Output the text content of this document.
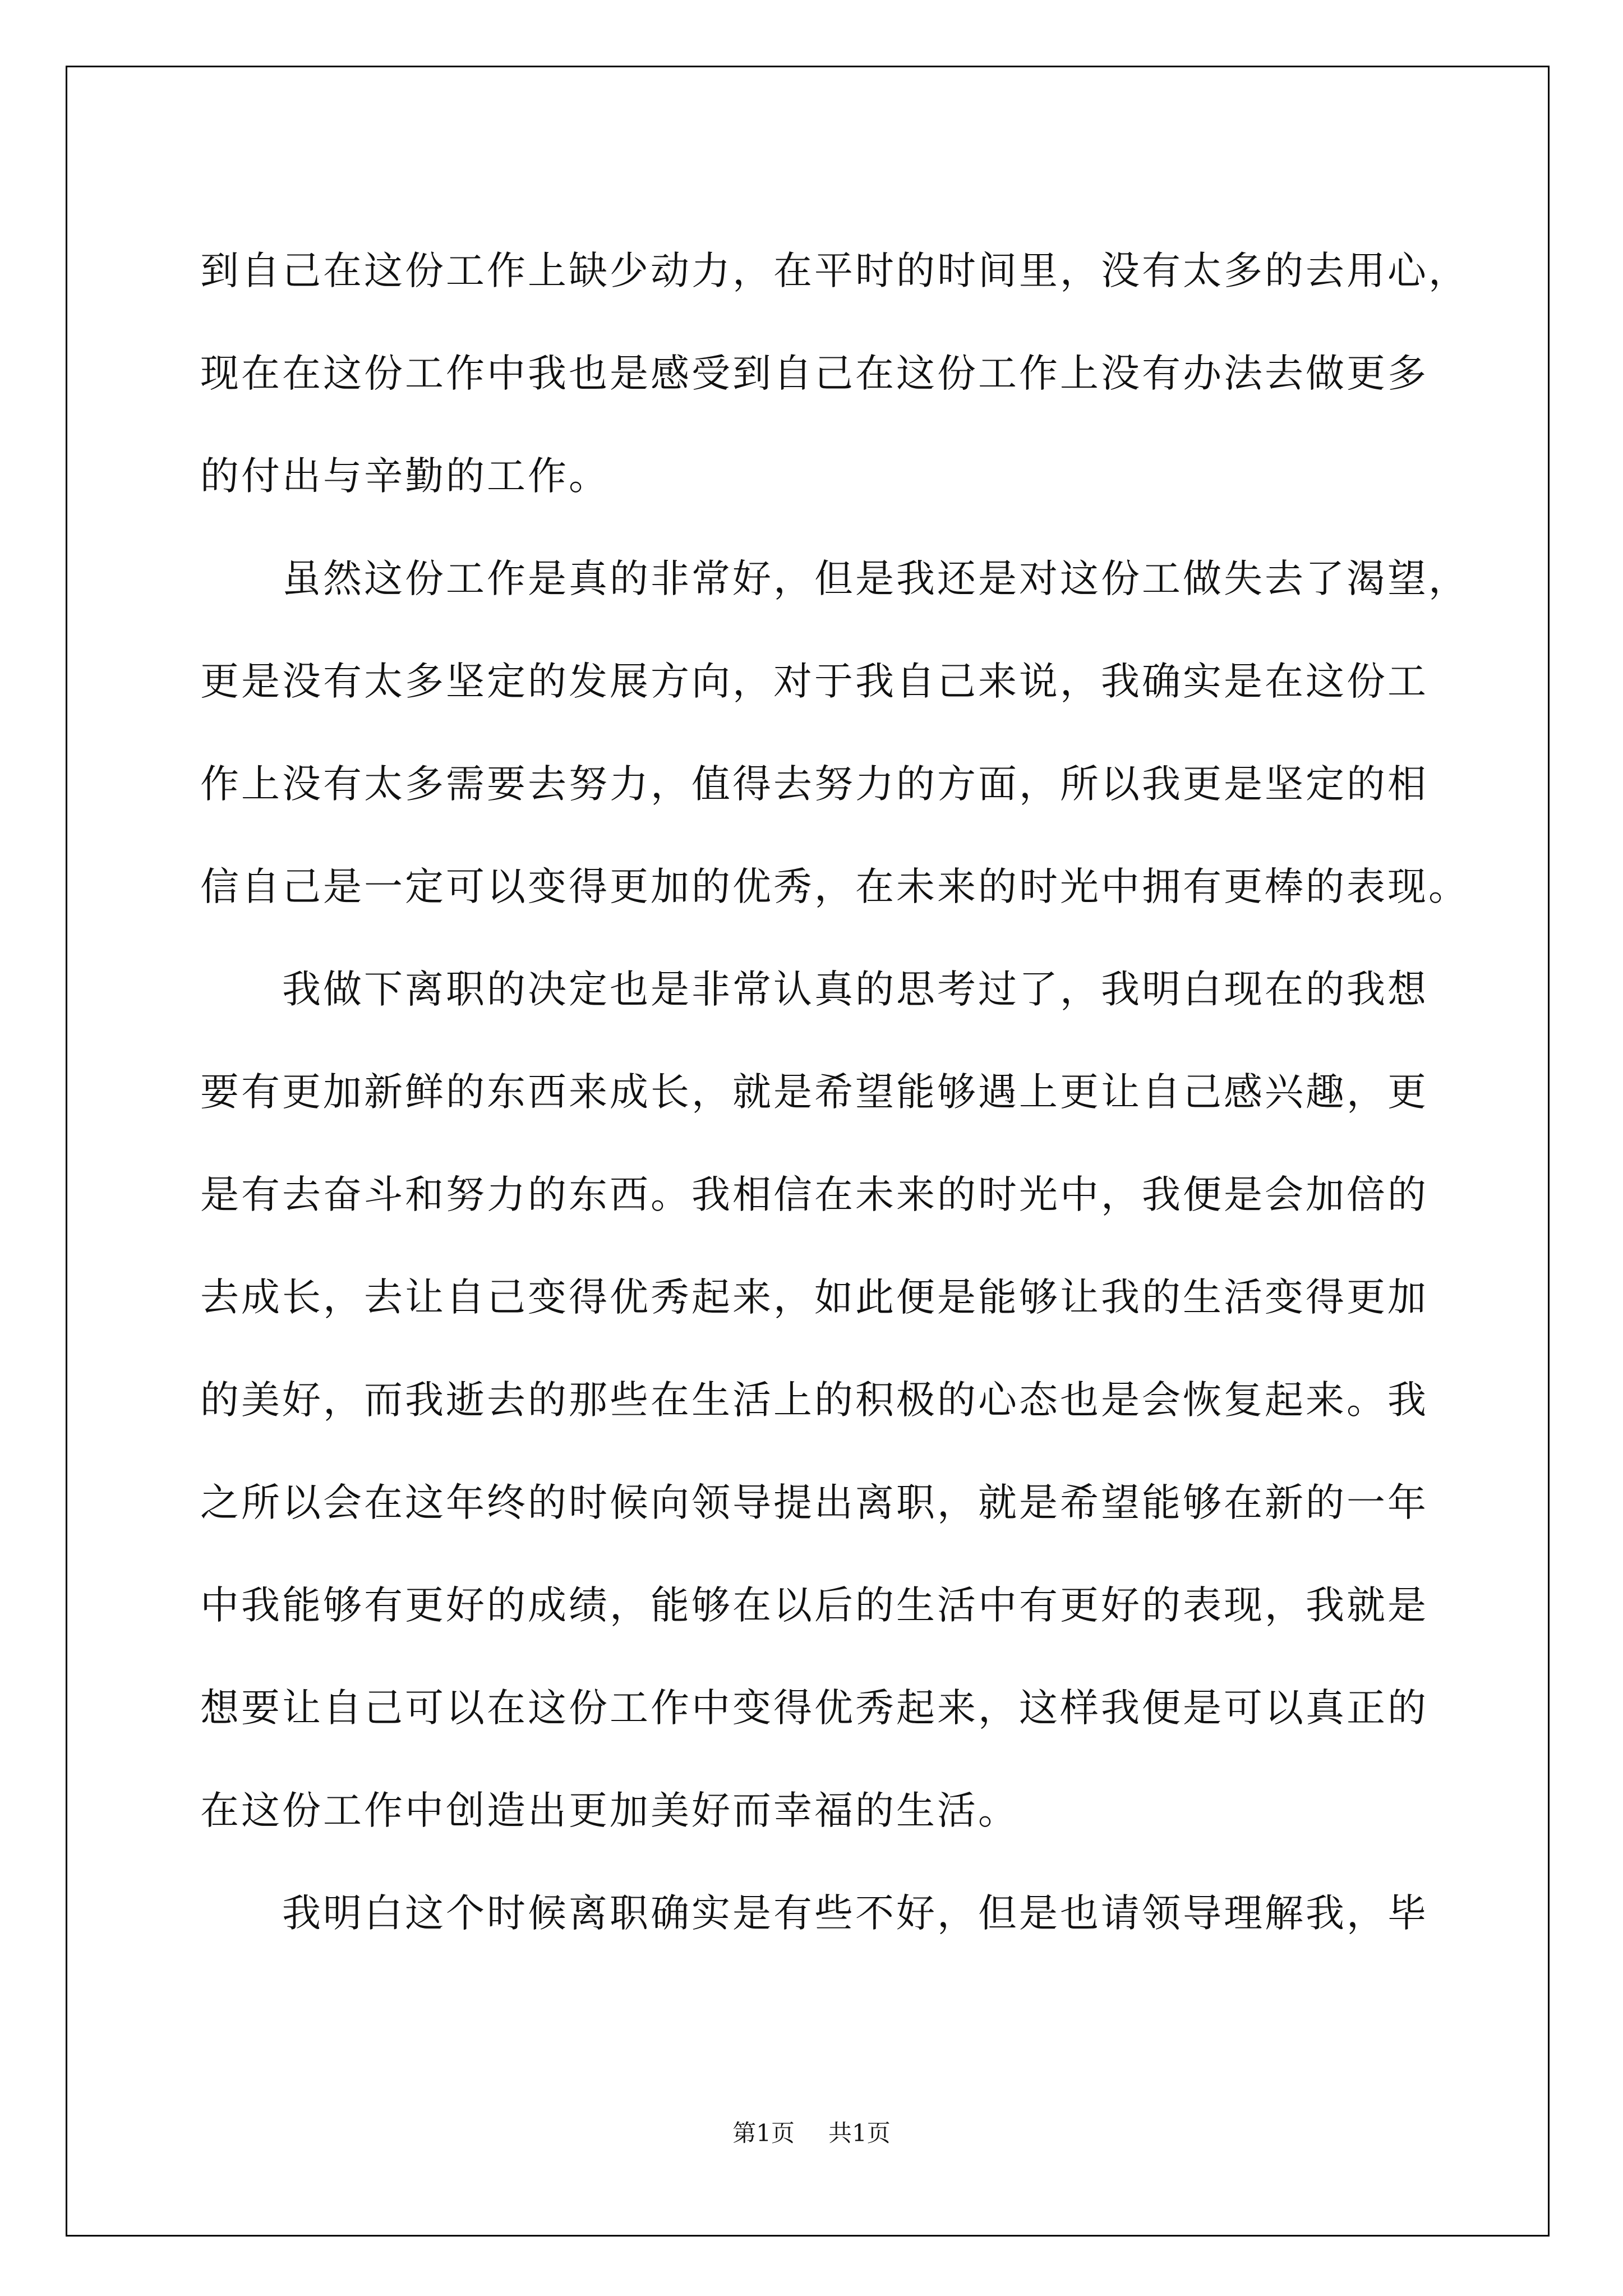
到自己在这份工作上缺少动力，在平时的时间里，没有太多的去用心，
现在在这份工作中我也是感受到自己在这份工作上没有办法去做更多
的付出与辛勤的工作。
虽然这份工作是真的非常好，但是我还是对这份工做失去了渴望，
更是没有太多坚定的发展方向，对于我自己来说，我确实是在这份工
作上没有太多需要去努力，值得去努力的方面，所以我更是坚定的相
信自己是一定可以变得更加的优秀，在未来的时光中拥有更棒的表现。
我做下离职的决定也是非常认真的思考过了，我明白现在的我想
要有更加新鲜的东西来成长，就是希望能够遇上更让自己感兴趣，更
是有去奋斗和努力的东西。我相信在未来的时光中，我便是会加倍的
去成长，去让自己变得优秀起来，如此便是能够让我的生活变得更加
的美好，而我逝去的那些在生活上的积极的心态也是会恢复起来。我
之所以会在这年终的时候向领导提出离职，就是希望能够在新的一年
中我能够有更好的成绩，能够在以后的生活中有更好的表现，我就是
想要让自己可以在这份工作中变得优秀起来，这样我便是可以真正的
在这份工作中创造出更加美好而幸福的生活。
我明白这个时候离职确实是有些不好，但是也请领导理解我，毕
第1页 共1页
